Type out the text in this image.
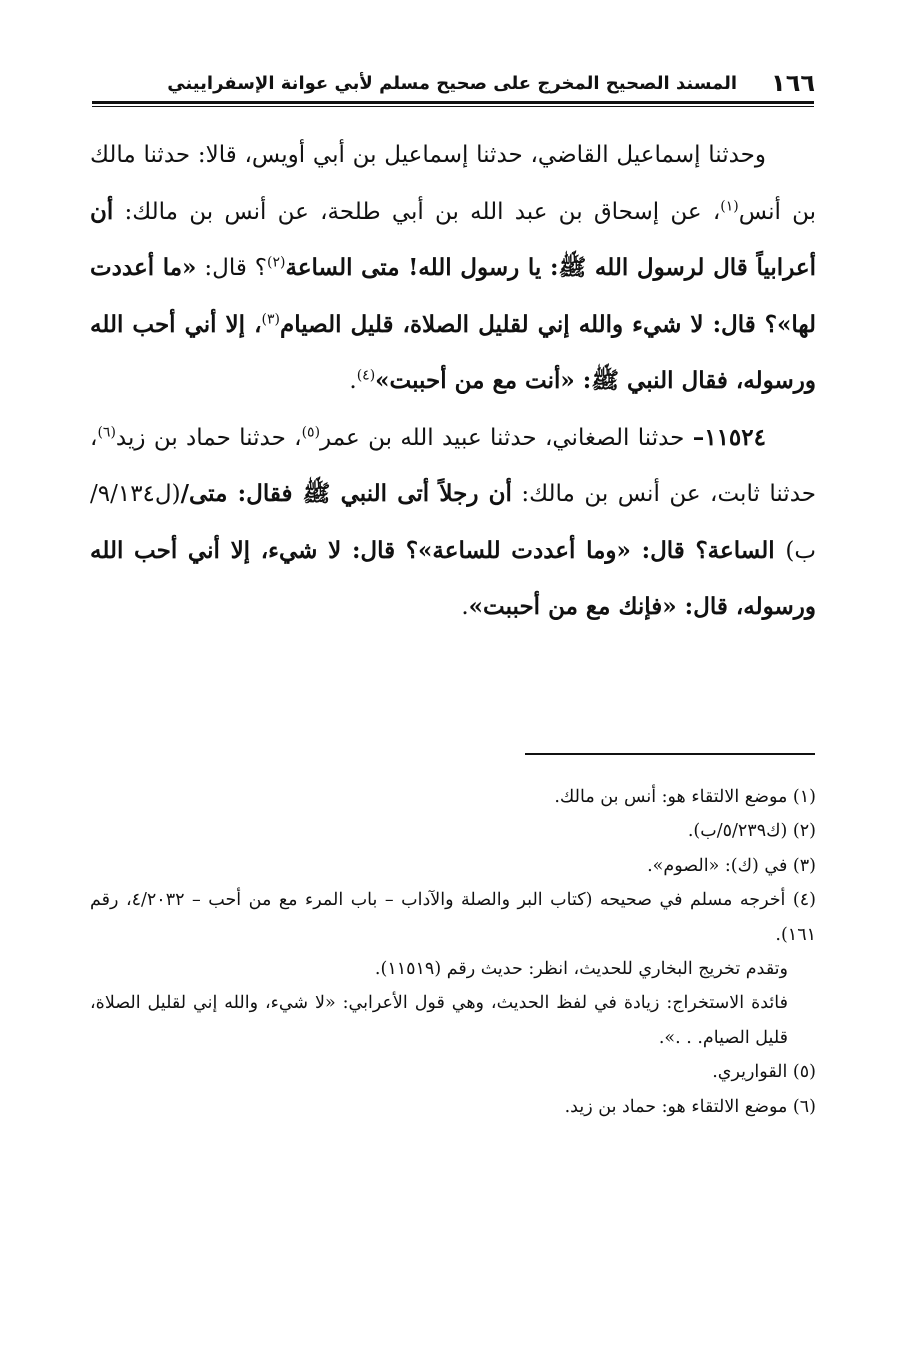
١٦٦
المسند الصحيح المخرج على صحيح مسلم لأبي عوانة الإسفراييني

وحدثنا إسماعيل القاضي، حدثنا إسماعيل بن أبي أويس، قالا: حدثنا مالك بن أنس$^{(١)}$، عن إسحاق بن عبد الله بن أبي طلحة، عن أنس بن مالك: أن أعرابياً قال لرسول الله ﷺ: يا رسول الله! متى الساعة$^{(٢)}$؟ قال: «ما أعددت لها»؟ قال: لا شيء والله إني لقليل الصلاة، قليل الصيام$^{(٣)}$، إلا أني أحب الله ورسوله، فقال النبي ﷺ: «أنت مع من أحببت»$^{(٤)}$.

١١٥٢٤– حدثنا الصغاني، حدثنا عبيد الله بن عمر$^{(٥)}$، حدثنا حماد بن زيد$^{(٦)}$، حدثنا ثابت، عن أنس بن مالك: أن رجلاً أتى النبي ﷺ فقال: متى/(ل٩/١٣٤/ب) الساعة؟ قال: «وما أعددت للساعة»؟ قال: لا شيء، إلا أني أحب الله ورسوله، قال: «فإنك مع من أحببت».

(١) موضع الالتقاء هو: أنس بن مالك.

(٢) (ك٥/٢٣٩/ب).

(٣) في (ك): «الصوم».

(٤) أخرجه مسلم في صحيحه (كتاب البر والصلة والآداب – باب المرء مع من أحب – ٤/٢٠٣٢، رقم ١٦١).

وتقدم تخريج البخاري للحديث، انظر: حديث رقم (١١٥١٩).

فائدة الاستخراج: زيادة في لفظ الحديث، وهي قول الأعرابي: «لا شيء، والله إني لقليل الصلاة، قليل الصيام. . .».

(٥) القواريري.

(٦) موضع الالتقاء هو: حماد بن زيد.
